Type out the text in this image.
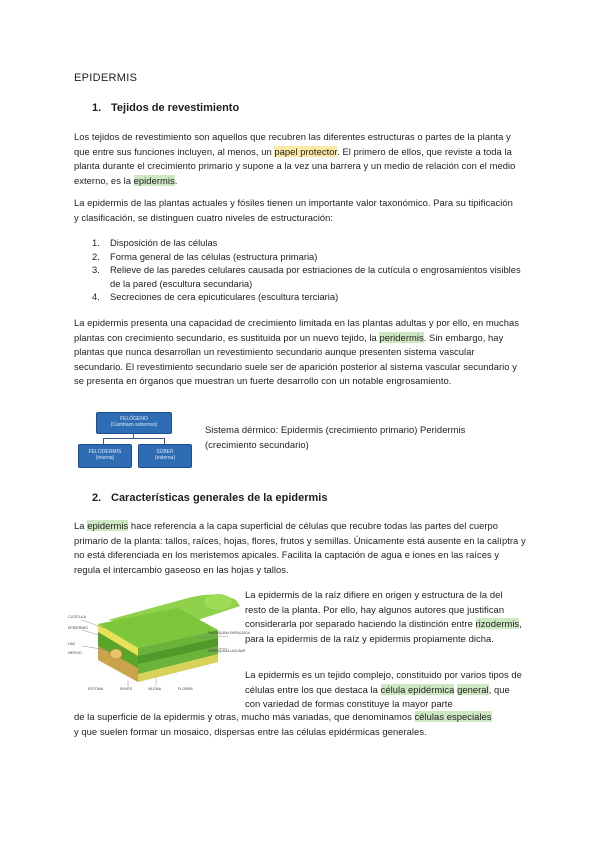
EPIDERMIS
1. Tejidos de revestimiento

Los tejidos de revestimiento son aquellos que recubren las diferentes estructuras o partes de la planta y que entre sus funciones incluyen, al menos, un papel protector. El primero de ellos, que reviste a toda la planta durante el crecimiento primario y supone a la vez una barrera y un medio de relación con el medio externo, es la epidermis.

La epidermis de las plantas actuales y fósiles tienen un importante valor taxonómico. Para su tipificación y clasificación, se distinguen cuatro niveles de estructuración:

1. Disposición de las células
2. Forma general de las células (estructura primaria)
3. Relieve de las paredes celulares causada por estriaciones de la cutícula o engrosamientos visibles de la pared (escultura secundaria)
4. Secreciones de cera epicuticulares (escultura terciaria)

La epidermis presenta una capacidad de crecimiento limitada en las plantas adultas y por ello, en muchas plantas con crecimiento secundario, es sustituida por un nuevo tejido, la peridermis. Sin embargo, hay plantas que nunca desarrollan un revestimiento secundario aunque presenten sistema vascular secundario. El revestimiento secundario suele ser de aparición posterior al sistema vascular secundario y se presenta en órganos que muestran un fuerte desarrollo con un notable engrosamiento.

FELÓGENO
(Cambium suberoso)
FELODERMIS
(interna)
SÚBER
(externa)

Sistema dérmico: Epidermis (crecimiento primario) Peridermis (crecimiento secundario)

2. Características generales de la epidermis

La epidermis hace referencia a la capa superficial de células que recubre todas las partes del cuerpo primario de la planta: tallos, raíces, hojas, flores, frutos y semillas. Únicamente está ausente en la calíptra y no está diferenciada en los meristemos apicales. Facilita la captación de agua e iones en las raíces y regula el intercambio gaseoso en las hojas y tallos.

CUTÍCULA
EPIDERMIS
HAZ
NERVIO
PARÉNQUIMA EMPALIZADA
PARÉNQUIMA LAGUNAR
ESTOMA	ENVÉS	XILEMA	FLOEMA

La epidermis de la raíz difiere en origen y estructura de la del resto de la planta. Por ello, hay algunos autores que justifican considerarla por separado haciendo la distinción entre rizodermis, para la epidermis de la raíz y epidermis propiamente dicha.

La epidermis es un tejido complejo, constituido por varios tipos de células entre los que destaca la célula epidérmica general, que con variedad de formas constituye la mayor parte

de la superficie de la epidermis y otras, mucho más variadas, que denominamos células especiales
y que suelen formar un mosaico, dispersas entre las células epidérmicas generales.
